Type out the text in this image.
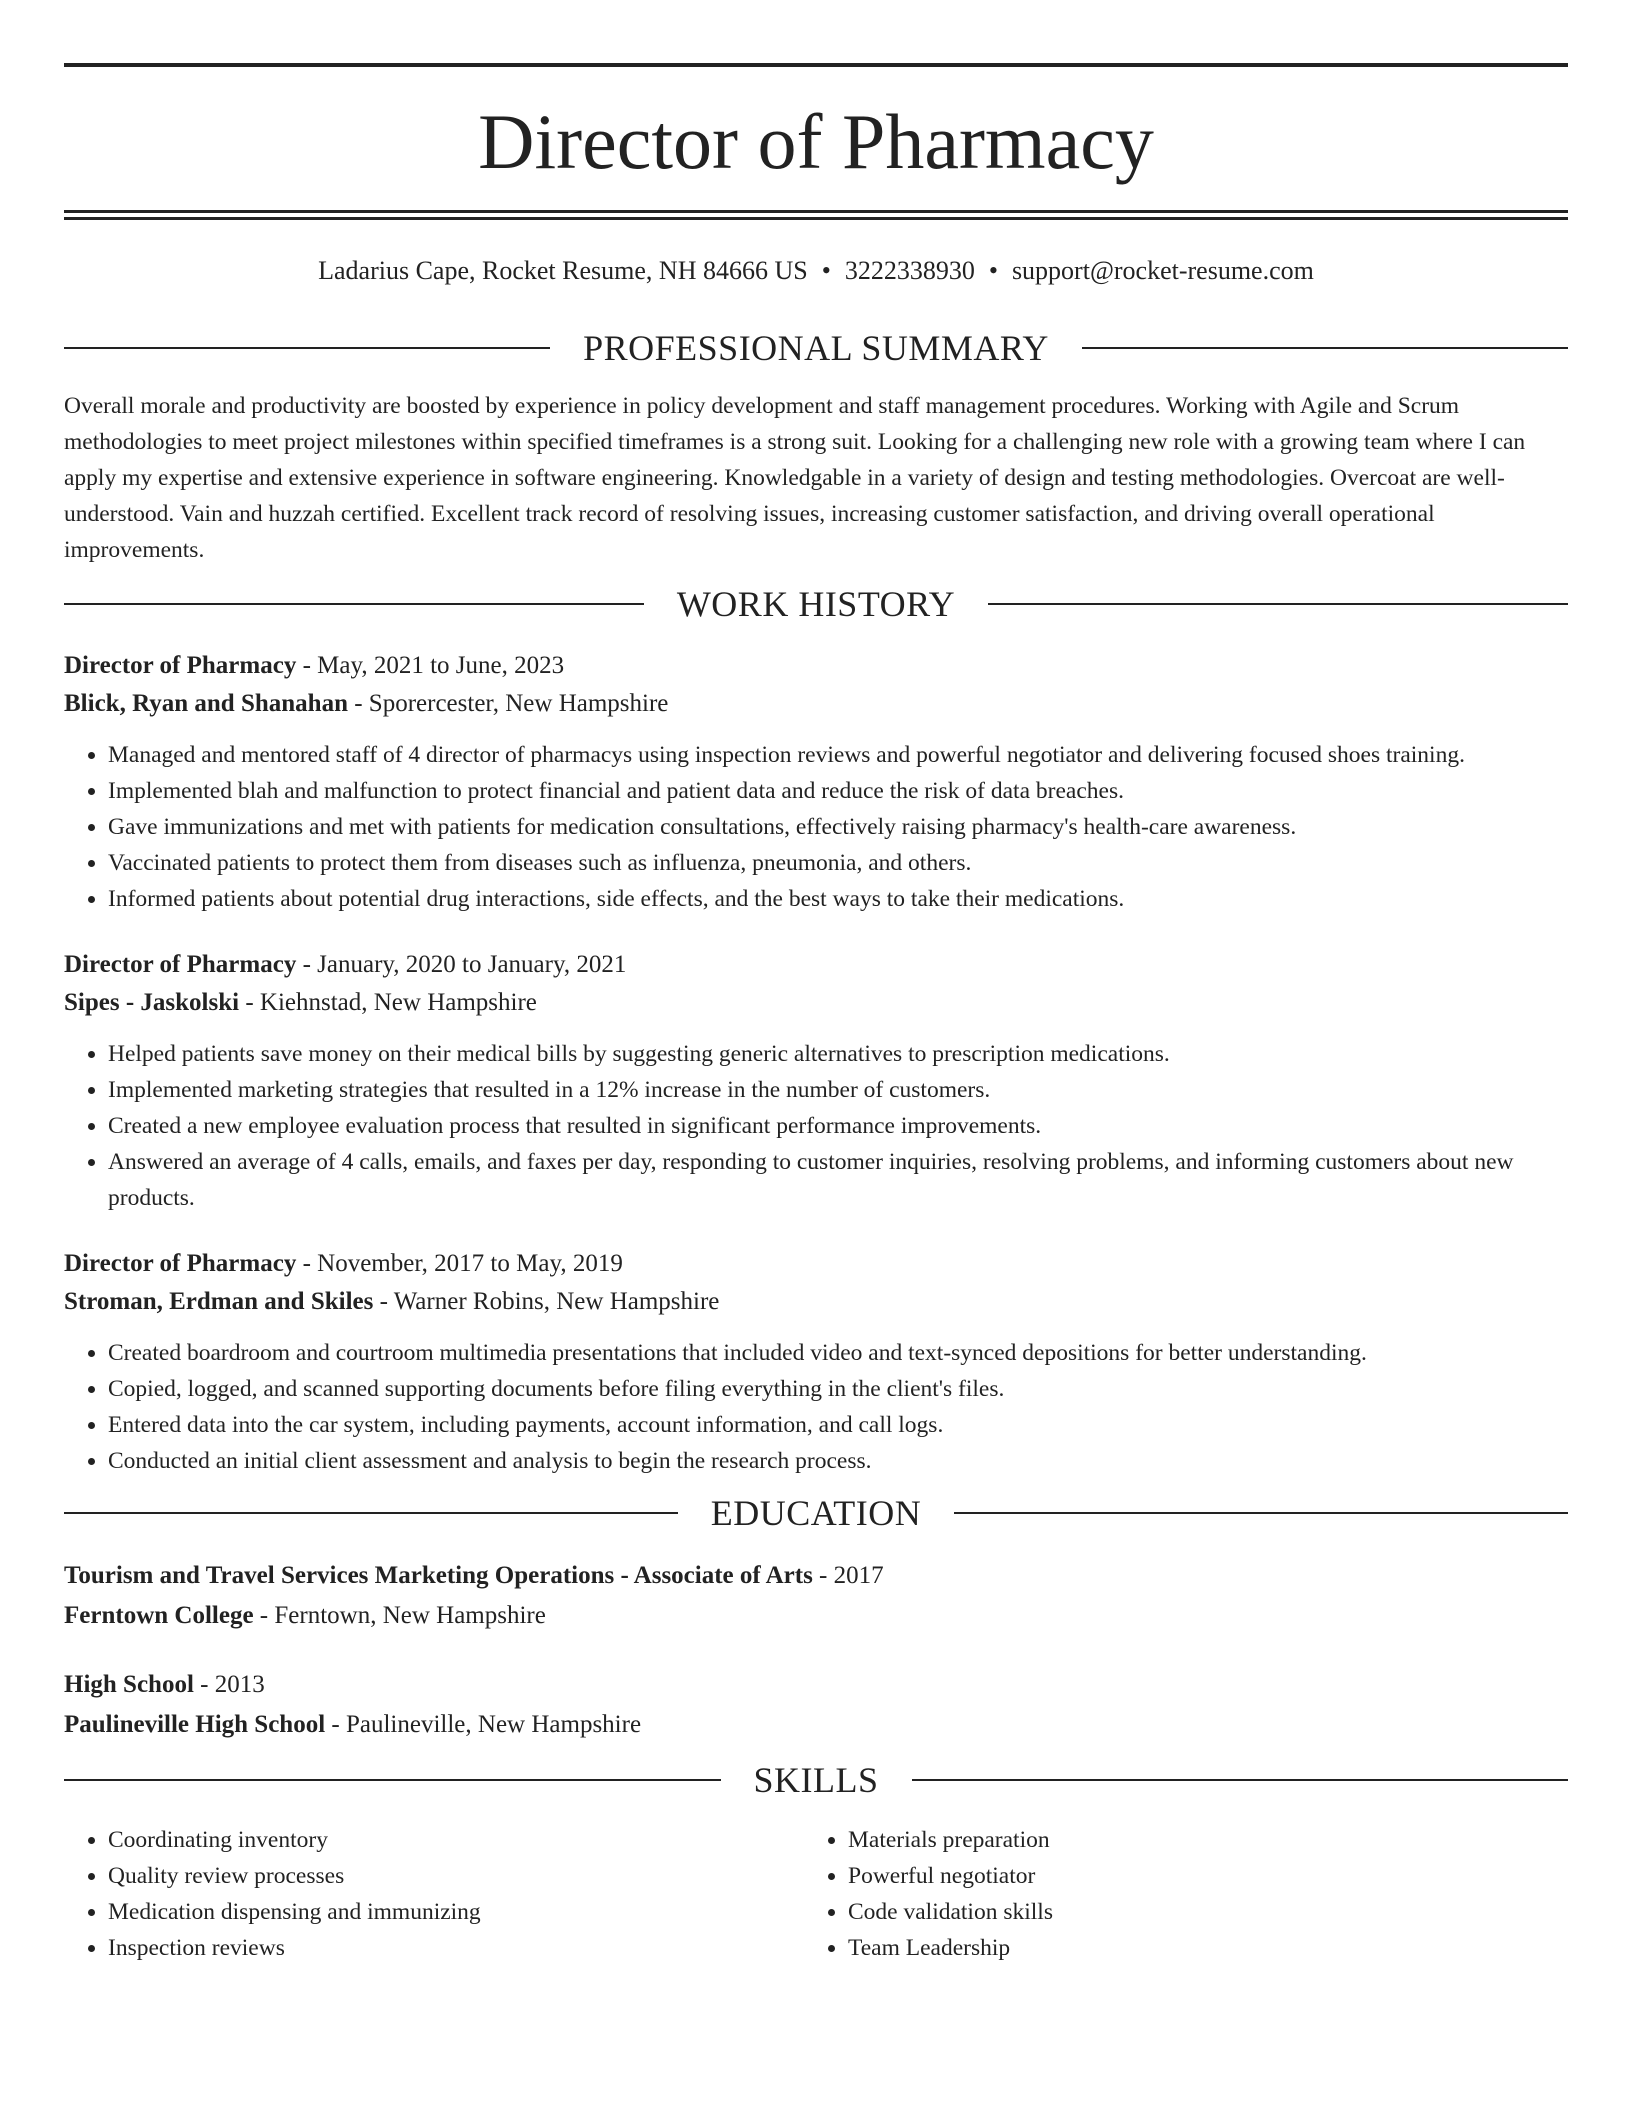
Director of Pharmacy
Ladarius Cape, Rocket Resume, NH 84666 US • 3222338930 • support@rocket-resume.com
PROFESSIONAL SUMMARY
Overall morale and productivity are boosted by experience in policy development and staff management procedures. Working with Agile and Scrum methodologies to meet project milestones within specified timeframes is a strong suit. Looking for a challenging new role with a growing team where I can apply my expertise and extensive experience in software engineering. Knowledgable in a variety of design and testing methodologies. Overcoat are well-understood. Vain and huzzah certified. Excellent track record of resolving issues, increasing customer satisfaction, and driving overall operational improvements.
WORK HISTORY
Director of Pharmacy - May, 2021 to June, 2023
Blick, Ryan and Shanahan - Sporercester, New Hampshire
• Managed and mentored staff of 4 director of pharmacys using inspection reviews and powerful negotiator and delivering focused shoes training.
• Implemented blah and malfunction to protect financial and patient data and reduce the risk of data breaches.
• Gave immunizations and met with patients for medication consultations, effectively raising pharmacy's health-care awareness.
• Vaccinated patients to protect them from diseases such as influenza, pneumonia, and others.
• Informed patients about potential drug interactions, side effects, and the best ways to take their medications.
Director of Pharmacy - January, 2020 to January, 2021
Sipes - Jaskolski - Kiehnstad, New Hampshire
• Helped patients save money on their medical bills by suggesting generic alternatives to prescription medications.
• Implemented marketing strategies that resulted in a 12% increase in the number of customers.
• Created a new employee evaluation process that resulted in significant performance improvements.
• Answered an average of 4 calls, emails, and faxes per day, responding to customer inquiries, resolving problems, and informing customers about new products.
Director of Pharmacy - November, 2017 to May, 2019
Stroman, Erdman and Skiles - Warner Robins, New Hampshire
• Created boardroom and courtroom multimedia presentations that included video and text-synced depositions for better understanding.
• Copied, logged, and scanned supporting documents before filing everything in the client's files.
• Entered data into the car system, including payments, account information, and call logs.
• Conducted an initial client assessment and analysis to begin the research process.
EDUCATION
Tourism and Travel Services Marketing Operations - Associate of Arts - 2017
Ferntown College - Ferntown, New Hampshire
High School - 2013
Paulineville High School - Paulineville, New Hampshire
SKILLS
• Coordinating inventory
• Quality review processes
• Medication dispensing and immunizing
• Inspection reviews
• Materials preparation
• Powerful negotiator
• Code validation skills
• Team Leadership
